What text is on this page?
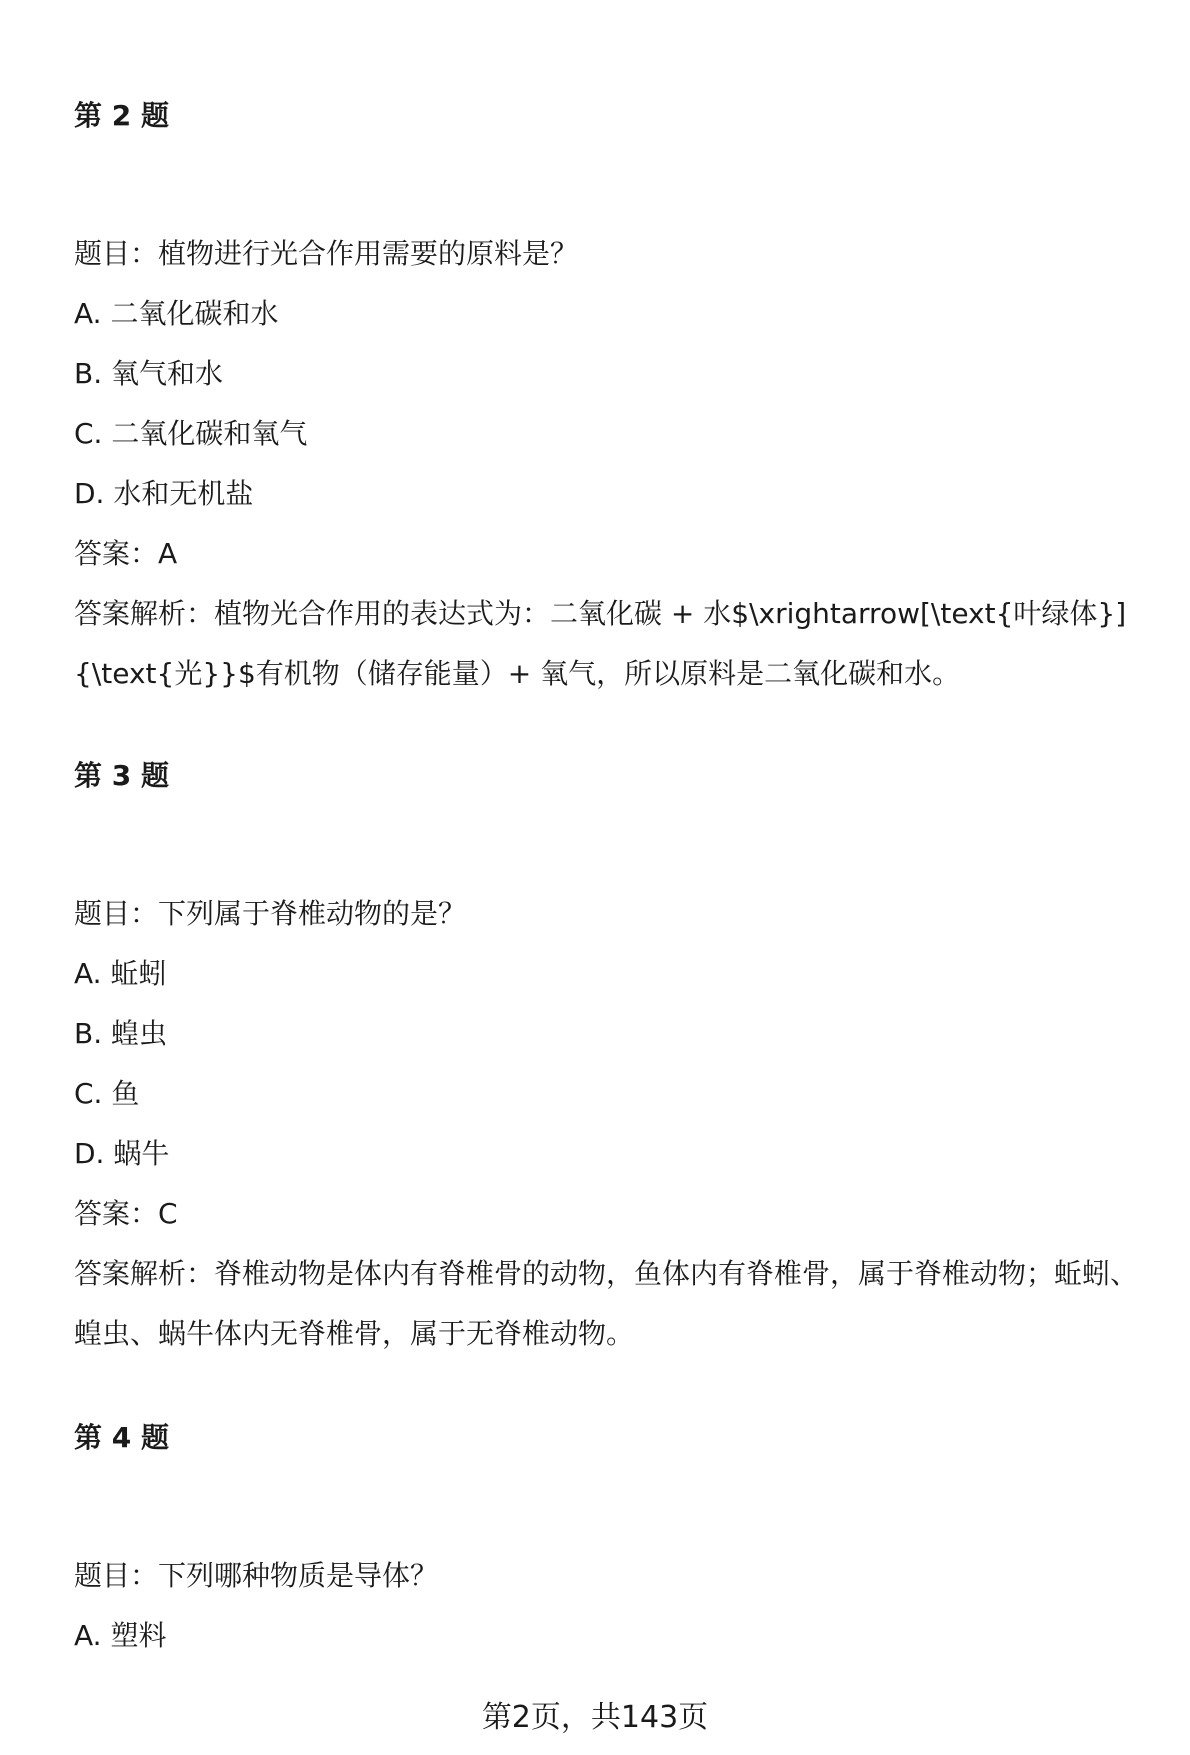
第 2 题

题目：植物进行光合作用需要的原料是？

A. 二氧化碳和水

B. 氧气和水

C. 二氧化碳和氧气

D. 水和无机盐

答案：A

答案解析：植物光合作用的表达式为：二氧化碳 + 水$\xrightarrow[\text{叶绿体}]{\text{光}}$有机物（储存能量）+ 氧气，所以原料是二氧化碳和水。

第 3 题

题目：下列属于脊椎动物的是？

A. 蚯蚓

B. 蝗虫

C. 鱼

D. 蜗牛

答案：C

答案解析：脊椎动物是体内有脊椎骨的动物，鱼体内有脊椎骨，属于脊椎动物；蚯蚓、蝗虫、蜗牛体内无脊椎骨，属于无脊椎动物。

第 4 题

题目：下列哪种物质是导体？

A. 塑料

第2页，共143页
